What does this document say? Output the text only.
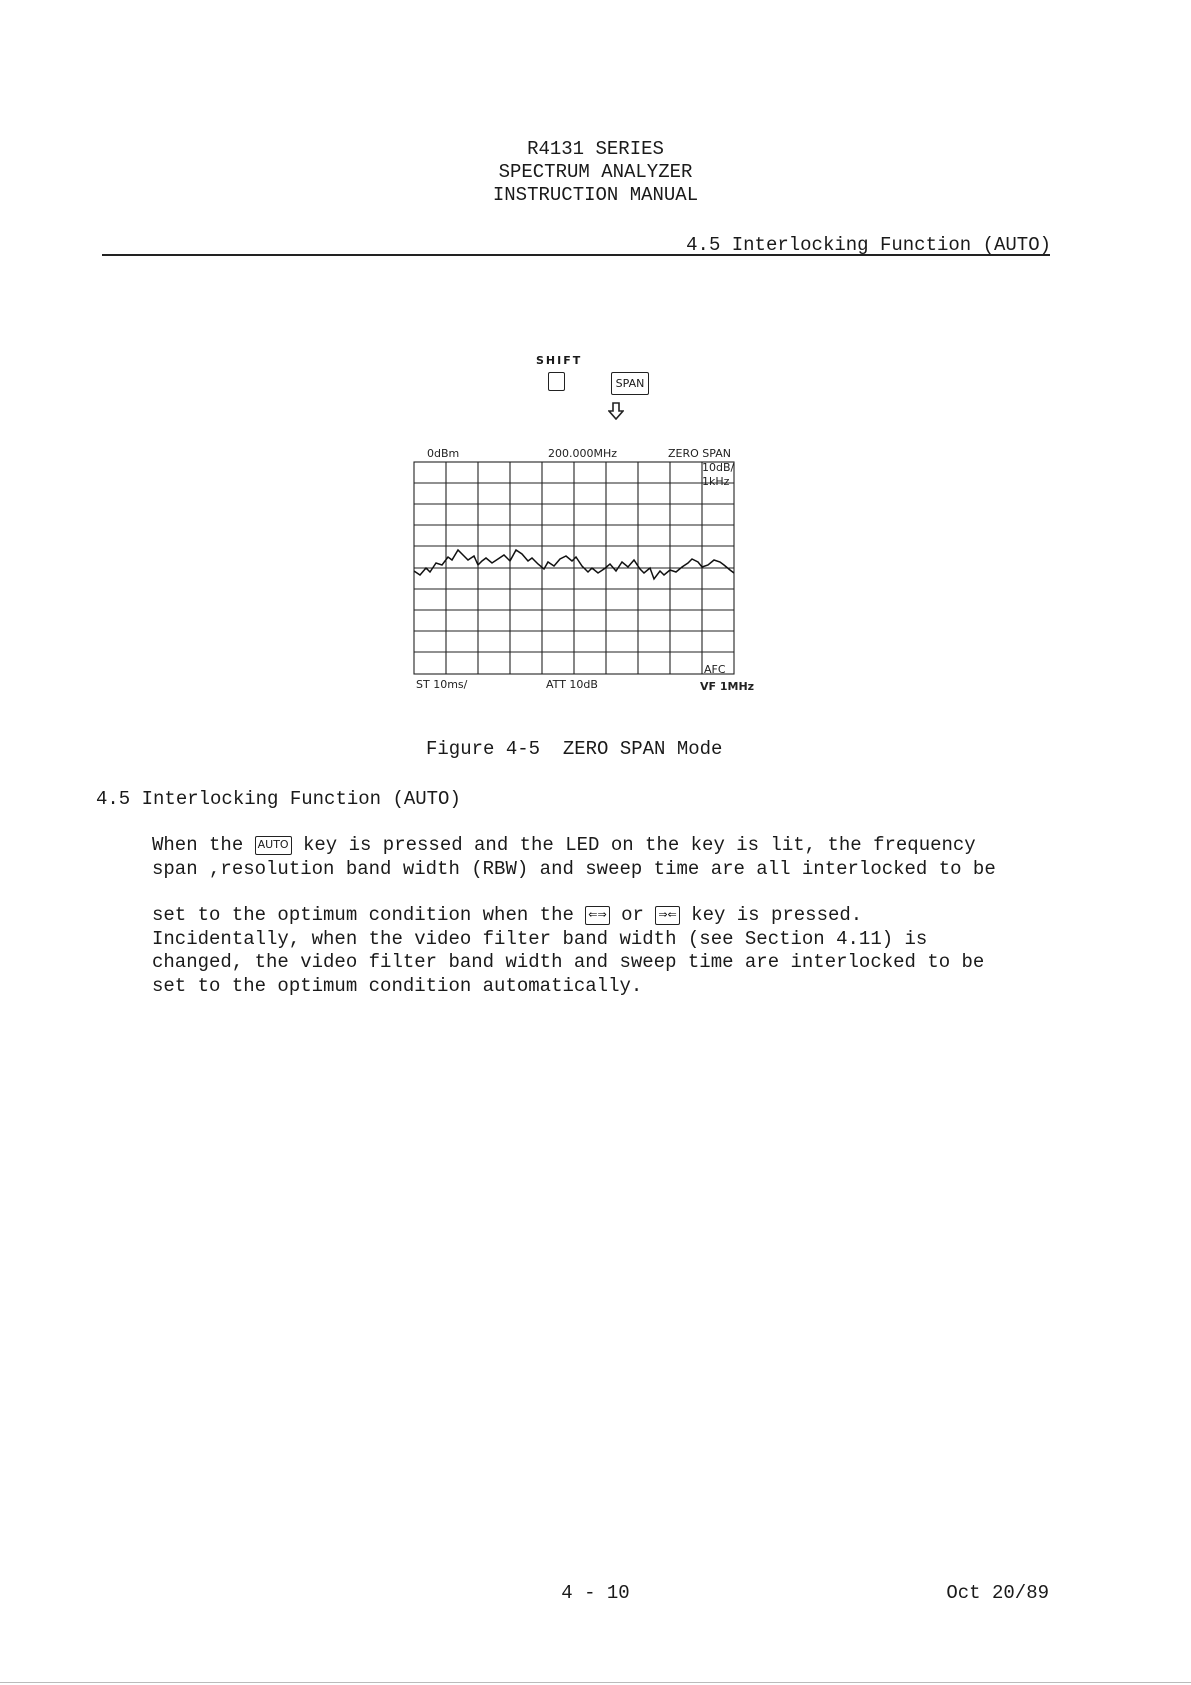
R4131 SERIES
SPECTRUM ANALYZER
INSTRUCTION MANUAL
4.5 Interlocking Function (AUTO)
SHIFT
SPAN
0dBm	200.000MHz	ZERO SPAN
10dB/
1kHz
AFC
ST 10ms/	ATT 10dB	VF 1MHz
Figure 4-5  ZERO SPAN Mode
4.5 Interlocking Function (AUTO)
When the AUTO key is pressed and the LED on the key is lit, the frequency
span ,resolution band width (RBW) and sweep time are all interlocked to be
set to the optimum condition when the ⇐⇒ or ⇒⇐ key is pressed.
Incidentally, when the video filter band width (see Section 4.11) is
changed, the video filter band width and sweep time are interlocked to be
set to the optimum condition automatically.
4 - 10	Oct 20/89
